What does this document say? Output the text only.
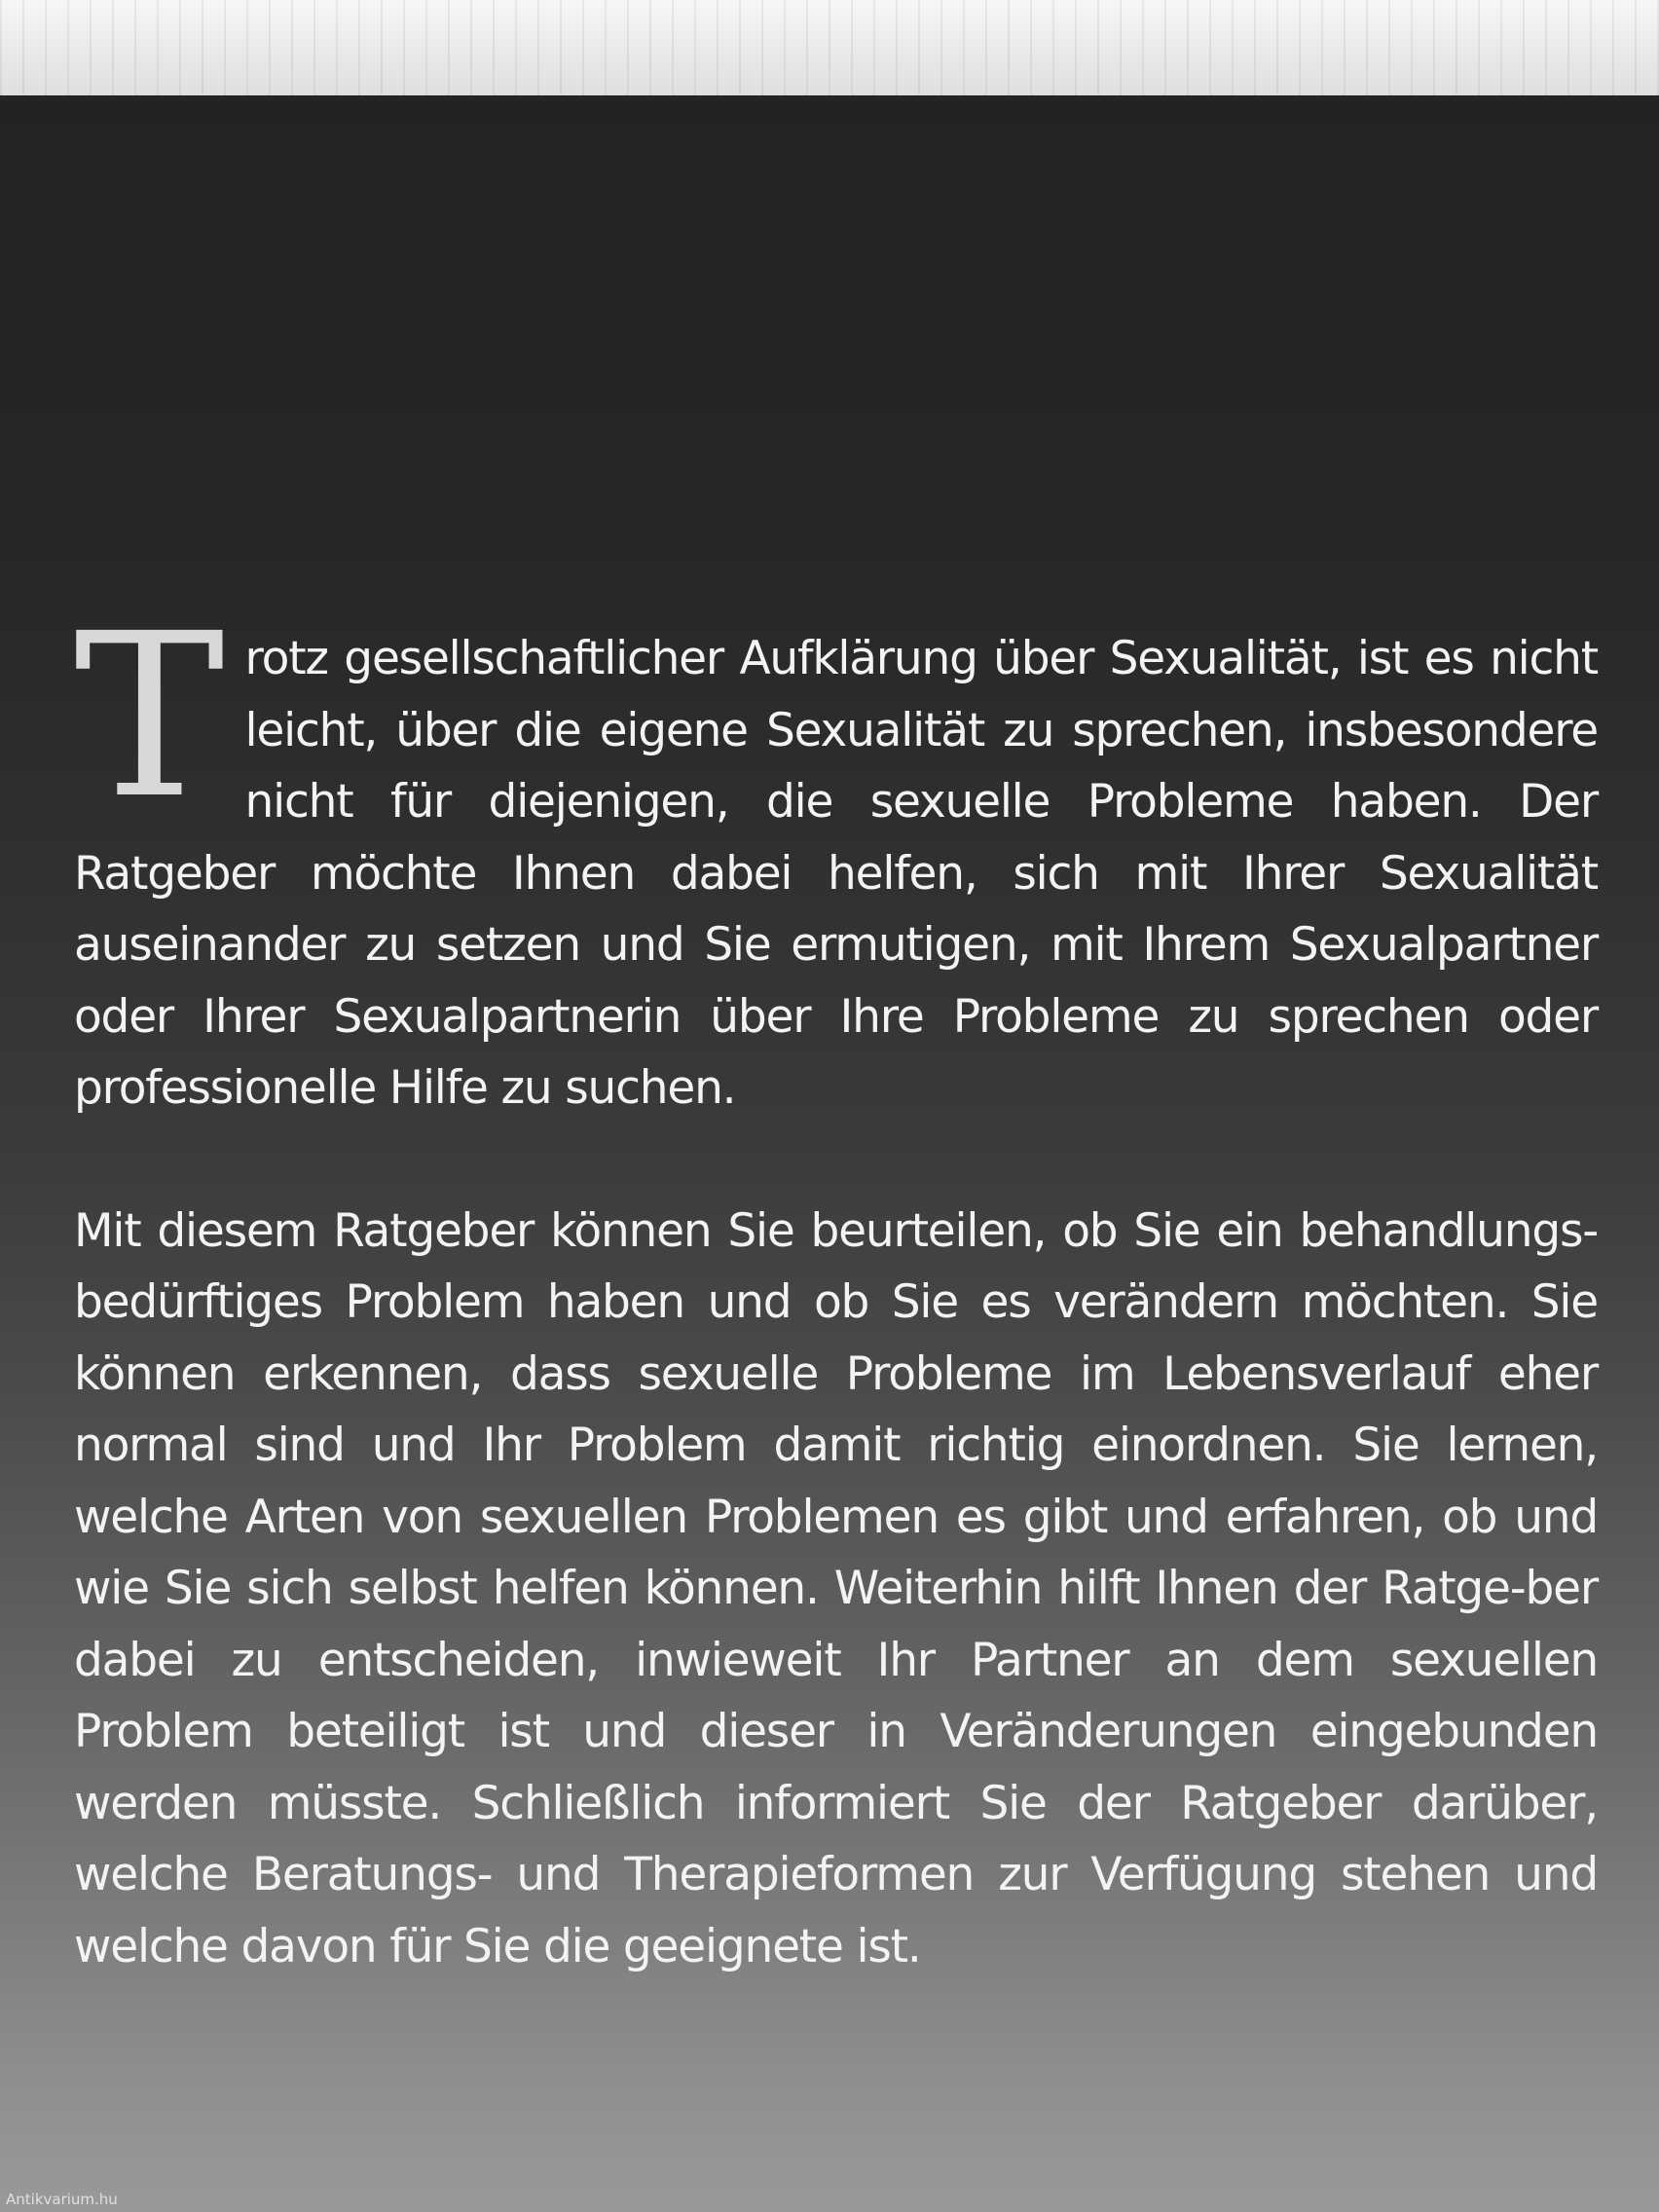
Trotz gesellschaftlicher Aufklärung über Sexualität, ist es nicht leicht, über die eigene Sexualität zu sprechen, insbesondere nicht für diejenigen, die sexuelle Probleme haben. Der Ratgeber möchte Ihnen dabei helfen, sich mit Ihrer Sexualität auseinander zu setzen und Sie ermutigen, mit Ihrem Sexualpartner oder Ihrer Sexualpartnerin über Ihre Probleme zu sprechen oder professionelle Hilfe zu suchen.

Mit diesem Ratgeber können Sie beurteilen, ob Sie ein behandlungs-bedürftiges Problem haben und ob Sie es verändern möchten. Sie können erkennen, dass sexuelle Probleme im Lebensverlauf eher normal sind und Ihr Problem damit richtig einordnen. Sie lernen, welche Arten von sexuellen Problemen es gibt und erfahren, ob und wie Sie sich selbst helfen können. Weiterhin hilft Ihnen der Ratge-ber dabei zu entscheiden, inwieweit Ihr Partner an dem sexuellen Problem beteiligt ist und dieser in Veränderungen eingebunden werden müsste. Schließlich informiert Sie der Ratgeber darüber, welche Beratungs- und Therapieformen zur Verfügung stehen und welche davon für Sie die geeignete ist.

Antikvarium.hu
